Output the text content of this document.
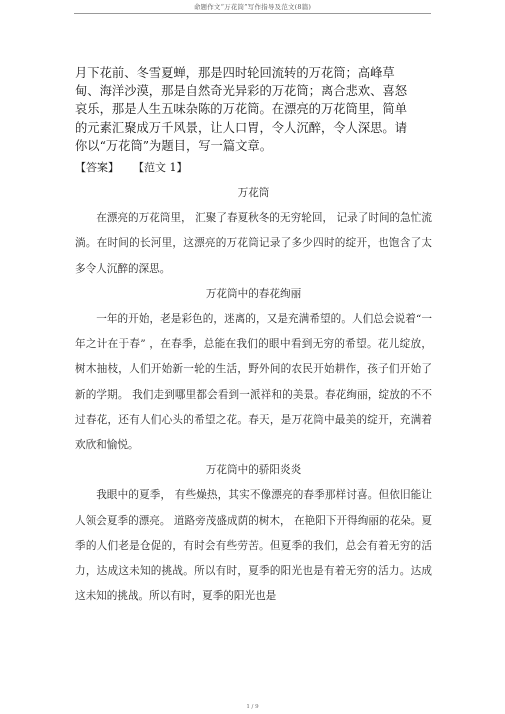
命题作文“万花筒”写作指导及范文(8篇)

月下花前、冬雪夏蝉，那是四时轮回流转的万花筒；高峰草

甸、海洋沙漠，那是自然奇光异彩的万花筒；离合悲欢、喜怒

哀乐，那是人生五味杂陈的万花筒。在漂亮的万花筒里，简单

的元素汇聚成万千风景，让人口胃，令人沉醉，令人深思。请

你以“万花筒”为题目，写一篇文章。

【答案】 【范文 1】

万花筒

在漂亮的万花筒里， 汇聚了春夏秋冬的无穷轮回， 记录了时间的急忙流淌。在时间的长河里，这漂亮的万花筒记录了多少四时的绽开，也饱含了太多令人沉醉的深思。

万花筒中的春花绚丽

一年的开始，老是彩色的，迷离的，又是充满希望的。人们总会说着“一年之计在于春” ，在春季，总能在我们的眼中看到无穷的希望。花儿绽放，树木抽枝，人们开始新一轮的生活，野外间的农民开始耕作，孩子们开始了新的学期。 我们走到哪里都会看到一派祥和的美景。春花绚丽，绽放的不不过春花，还有人们心头的希望之花。春天，是万花筒中最美的绽开，充满着欢欣和愉悦。

万花筒中的骄阳炎炎

我眼中的夏季， 有些燥热，其实不像漂亮的春季那样讨喜。但依旧能让人领会夏季的漂亮。 道路旁茂盛成荫的树木， 在艳阳下开得绚丽的花朵。夏季的人们老是仓促的，有时会有些劳苦。但夏季的我们，总会有着无穷的活力，达成这未知的挑战。所以有时，夏季的阳光也是有着无穷的活力。达成这未知的挑战。所以有时，夏季的阳光也是

1 / 9
